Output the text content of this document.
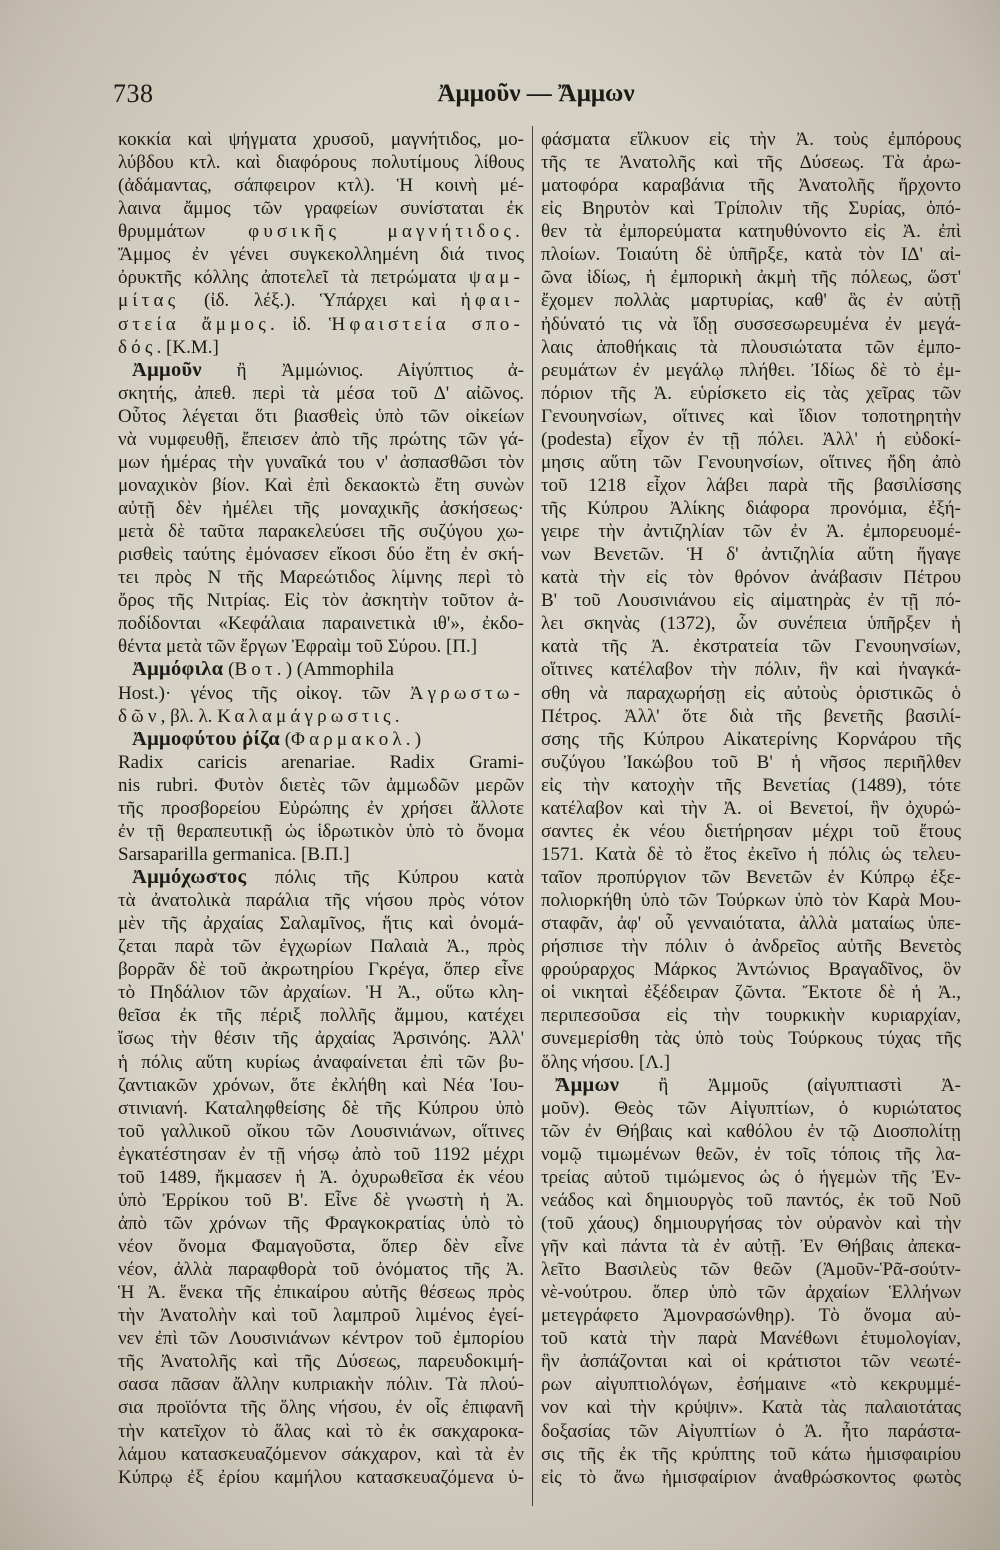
738	Ἀμμοῦν — Ἄμμων
κοκκία καὶ ψήγματα χρυσοῦ, μαγνήτιδος, μο-
λύβδου κτλ. καὶ διαφόρους πολυτίμους λίθους
(ἀδάμαντας, σάπφειρον κτλ). Ἡ κοινὴ μέ-
λαινα ἄμμος τῶν γραφείων συνίσταται ἐκ
θρυμμάτων φυσικῆς μαγνήτιδος.
Ἄμμος ἐν γένει συγκεκολλημένη διά τινος
ὀρυκτῆς κόλλης ἀποτελεῖ τὰ πετρώματα ψαμ-
μίτας (ἰδ. λέξ.). Ὑπάρχει καὶ ἡφαι-
στεία ἄμμος. ἰδ. Ἡφαιστεία σπο-
δός. [Κ.Μ.]
Ἀμμοῦν ἢ Ἀμμώνιος. Αἰγύπτιος ἀ-
σκητής, ἀπεθ. περὶ τὰ μέσα τοῦ Δ' αἰῶνος.
Οὗτος λέγεται ὅτι βιασθεὶς ὑπὸ τῶν οἰκείων
νὰ νυμφευθῇ, ἔπεισεν ἀπὸ τῆς πρώτης τῶν γά-
μων ἡμέρας τὴν γυναῖκά του ν' ἀσπασθῶσι τὸν
μοναχικὸν βίον. Καὶ ἐπὶ δεκαοκτὼ ἔτη συνὼν
αὐτῇ δὲν ἠμέλει τῆς μοναχικῆς ἀσκήσεως·
μετὰ δὲ ταῦτα παρακελεύσει τῆς συζύγου χω-
ρισθεὶς ταύτης ἐμόνασεν εἴκοσι δύο ἔτη ἐν σκή-
τει πρὸς Ν τῆς Μαρεώτιδος λίμνης περὶ τὸ
ὄρος τῆς Νιτρίας. Εἰς τὸν ἀσκητὴν τοῦτον ἀ-
ποδίδονται «Κεφάλαια παραινετικὰ ιθ'», ἐκδο-
θέντα μετὰ τῶν ἔργων Ἐφραὶμ τοῦ Σύρου. [Π.]
Ἀμμόφιλα (Βοτ.) (Ammophila
Host.)· γένος τῆς οἰκογ. τῶν Ἀγρωστω-
δῶν, βλ. λ. Καλαμάγρωστις.
Ἀμμοφύτου ῥίζα (Φαρμακολ.)
Radix caricis arenariae. Radix Grami-
nis rubri. Φυτὸν διετὲς τῶν ἀμμωδῶν μερῶν
τῆς προσβορείου Εὐρώπης ἐν χρήσει ἄλλοτε
ἐν τῇ θεραπευτικῇ ὡς ἱδρωτικὸν ὑπὸ τὸ ὄνομα
Sarsaparilla germanica. [Β.Π.]
Ἀμμόχωστος πόλις τῆς Κύπρου κατὰ
τὰ ἀνατολικὰ παράλια τῆς νήσου πρὸς νότον
μὲν τῆς ἀρχαίας Σαλαμῖνος, ἥτις καὶ ὀνομά-
ζεται παρὰ τῶν ἐγχωρίων Παλαιὰ Ἀ., πρὸς
βορρᾶν δὲ τοῦ ἀκρωτηρίου Γκρέγα, ὅπερ εἶνε
τὸ Πηδάλιον τῶν ἀρχαίων. Ἡ Ἀ., οὕτω κλη-
θεῖσα ἐκ τῆς πέριξ πολλῆς ἄμμου, κατέχει
ἴσως τὴν θέσιν τῆς ἀρχαίας Ἀρσινόης. Ἀλλ'
ἡ πόλις αὕτη κυρίως ἀναφαίνεται ἐπὶ τῶν βυ-
ζαντιακῶν χρόνων, ὅτε ἐκλήθη καὶ Νέα Ἰου-
στινιανή. Καταληφθείσης δὲ τῆς Κύπρου ὑπὸ
τοῦ γαλλικοῦ οἴκου τῶν Λουσινιάνων, οἵτινες
ἐγκατέστησαν ἐν τῇ νήσῳ ἀπὸ τοῦ 1192 μέχρι
τοῦ 1489, ἤκμασεν ἡ Ἀ. ὀχυρωθεῖσα ἐκ νέου
ὑπὸ Ἐρρίκου τοῦ Β'. Εἶνε δὲ γνωστὴ ἡ Ἀ.
ἀπὸ τῶν χρόνων τῆς Φραγκοκρατίας ὑπὸ τὸ
νέον ὄνομα Φαμαγοῦστα, ὅπερ δὲν εἶνε
νέον, ἀλλὰ παραφθορὰ τοῦ ὀνόματος τῆς Ἀ.
Ἡ Ἀ. ἕνεκα τῆς ἐπικαίρου αὐτῆς θέσεως πρὸς
τὴν Ἀνατολὴν καὶ τοῦ λαμπροῦ λιμένος ἐγεί-
νεν ἐπὶ τῶν Λουσινιάνων κέντρον τοῦ ἐμπορίου
τῆς Ἀνατολῆς καὶ τῆς Δύσεως, παρευδοκιμή-
σασα πᾶσαν ἄλλην κυπριακὴν πόλιν. Τὰ πλού-
σια προϊόντα τῆς ὅλης νήσου, ἐν οἷς ἐπιφανῆ
τὴν κατεῖχον τὸ ἅλας καὶ τὸ ἐκ σακχαροκα-
λάμου κατασκευαζόμενον σάκχαρον, καὶ τὰ ἐν
Κύπρῳ ἐξ ἐρίου καμήλου κατασκευαζόμενα ὑ-
φάσματα εἵλκυον εἰς τὴν Ἀ. τοὺς ἐμπόρους
τῆς τε Ἀνατολῆς καὶ τῆς Δύσεως. Τὰ ἀρω-
ματοφόρα καραβάνια τῆς Ἀνατολῆς ἤρχοντο
εἰς Βηρυτὸν καὶ Τρίπολιν τῆς Συρίας, ὁπό-
θεν τὰ ἐμπορεύματα κατηυθύνοντο εἰς Ἀ. ἐπὶ
πλοίων. Τοιαύτη δὲ ὑπῆρξε, κατὰ τὸν ΙΔ' αἰ-
ῶνα ἰδίως, ἡ ἐμπορικὴ ἀκμὴ τῆς πόλεως, ὥστ'
ἔχομεν πολλὰς μαρτυρίας, καθ' ἃς ἐν αὐτῇ
ἠδύνατό τις νὰ ἴδῃ συσσεσωρευμένα ἐν μεγά-
λαις ἀποθήκαις τὰ πλουσιώτατα τῶν ἐμπο-
ρευμάτων ἐν μεγάλῳ πλήθει. Ἰδίως δὲ τὸ ἐμ-
πόριον τῆς Ἀ. εὑρίσκετο εἰς τὰς χεῖρας τῶν
Γενουηνσίων, οἵτινες καὶ ἴδιον τοποτηρητὴν
(podesta) εἶχον ἐν τῇ πόλει. Ἀλλ' ἡ εὐδοκί-
μησις αὕτη τῶν Γενουηνσίων, οἵτινες ἤδη ἀπὸ
τοῦ 1218 εἶχον λάβει παρὰ τῆς βασιλίσσης
τῆς Κύπρου Ἀλίκης διάφορα προνόμια, ἐξή-
γειρε τὴν ἀντιζηλίαν τῶν ἐν Ἀ. ἐμπορευομέ-
νων Βενετῶν. Ἡ δ' ἀντιζηλία αὕτη ἤγαγε
κατὰ τὴν εἰς τὸν θρόνον ἀνάβασιν Πέτρου
Β' τοῦ Λουσινιάνου εἰς αἱματηρὰς ἐν τῇ πό-
λει σκηνὰς (1372), ὧν συνέπεια ὑπῆρξεν ἡ
κατὰ τῆς Ἀ. ἐκστρατεία τῶν Γενουηνσίων,
οἵτινες κατέλαβον τὴν πόλιν, ἣν καὶ ἠναγκά-
σθη νὰ παραχωρήσῃ εἰς αὐτοὺς ὁριστικῶς ὁ
Πέτρος. Ἀλλ' ὅτε διὰ τῆς βενετῆς βασιλί-
σσης τῆς Κύπρου Αἰκατερίνης Κορνάρου τῆς
συζύγου Ἰακώβου τοῦ Β' ἡ νῆσος περιῆλθεν
εἰς τὴν κατοχὴν τῆς Βενετίας (1489), τότε
κατέλαβον καὶ τὴν Ἀ. οἱ Βενετοί, ἣν ὀχυρώ-
σαντες ἐκ νέου διετήρησαν μέχρι τοῦ ἔτους
1571. Κατὰ δὲ τὸ ἔτος ἐκεῖνο ἡ πόλις ὡς τελευ-
ταῖον προπύργιον τῶν Βενετῶν ἐν Κύπρῳ ἐξε-
πολιορκήθη ὑπὸ τῶν Τούρκων ὑπὸ τὸν Καρὰ Μου-
σταφᾶν, ἀφ' οὗ γενναιότατα, ἀλλὰ ματαίως ὑπε-
ρήσπισε τὴν πόλιν ὁ ἀνδρεῖος αὐτῆς Βενετὸς
φρούραρχος Μάρκος Ἀντώνιος Βραγαδῖνος, ὃν
οἱ νικηταὶ ἐξέδειραν ζῶντα. Ἔκτοτε δὲ ἡ Ἀ.,
περιπεσοῦσα εἰς τὴν τουρκικὴν κυριαρχίαν,
συνεμερίσθη τὰς ὑπὸ τοὺς Τούρκους τύχας τῆς
ὅλης νήσου. [Λ.]
Ἄμμων ἢ Ἀμμοῦς (αἰγυπτιαστὶ Ἀ-
μοῦν). Θεὸς τῶν Αἰγυπτίων, ὁ κυριώτατος
τῶν ἐν Θήβαις καὶ καθόλου ἐν τῷ Διοσπολίτῃ
νομῷ τιμωμένων θεῶν, ἐν τοῖς τόποις τῆς λα-
τρείας αὐτοῦ τιμώμενος ὡς ὁ ἡγεμὼν τῆς Ἐν-
νεάδος καὶ δημιουργὸς τοῦ παντός, ἐκ τοῦ Νοῦ
(τοῦ χάους) δημιουργήσας τὸν οὐρανὸν καὶ τὴν
γῆν καὶ πάντα τὰ ἐν αὐτῇ. Ἐν Θήβαις ἀπεκα-
λεῖτο Βασιλεὺς τῶν θεῶν (Ἀμοῦν-Ῥᾶ-σούτν-
νὲ-νούτρου. ὅπερ ὑπὸ τῶν ἀρχαίων Ἑλλήνων
μετεγράφετο Ἀμονρασώνθηρ). Τὸ ὄνομα αὐ-
τοῦ κατὰ τὴν παρὰ Μανέθωνι ἐτυμολογίαν,
ἣν ἀσπάζονται καὶ οἱ κράτιστοι τῶν νεωτέ-
ρων αἰγυπτιολόγων, ἐσήμαινε «τὸ κεκρυμμέ-
νον καὶ τὴν κρύψιν». Κατὰ τὰς παλαιοτάτας
δοξασίας τῶν Αἰγυπτίων ὁ Ἀ. ἦτο παράστα-
σις τῆς ἐκ τῆς κρύπτης τοῦ κάτω ἡμισφαιρίου
εἰς τὸ ἄνω ἡμισφαίριον ἀναθρώσκοντος φωτὸς
